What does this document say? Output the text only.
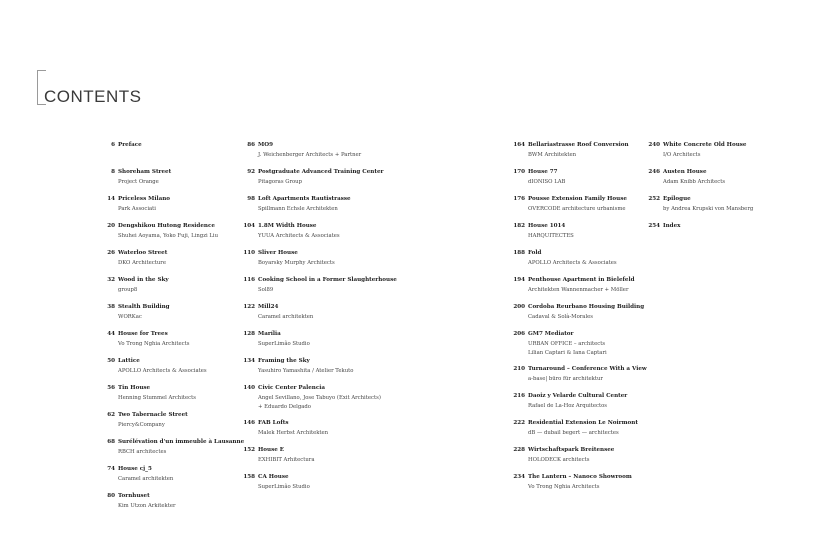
CONTENTS
6 Preface
8 Shoreham Street
Project Orange
14 Priceless Milano
Park Associati
20 Dengshikou Hutong Residence
Shuhei Aoyama, Yoko Fuji, Lingzi Liu
26 Waterloo Street
DKO Architecture
32 Wood in the Sky
group8
38 Stealth Building
WORKac
44 House for Trees
Vo Trong Nghia Architects
50 Lattice
APOLLO Architects & Associates
56 Tin House
Henning Stummel Architects
62 Two Tabernacle Street
Piercy&Company
68 Surélévation d'un immeuble à Lausanne
RBCH architectes
74 House cj_5
Caramel architekten
80 Tornhuset
Kim Utzon Arkitekter
86 MO9
J. Weichenberger Architects + Partner
92 Postgraduate Advanced Training Center
Pitagoras Group
98 Loft Apartments Rautistrasse
Spillmann Echsle Architekten
104 1.8M Width House
YUUA Architects & Associates
110 Sliver House
Boyarsky Murphy Architects
116 Cooking School in a Former Slaughterhouse
Sol89
122 Mill24
Caramel architekten
128 Marília
SuperLimão Studio
134 Framing the Sky
Yasuhiro Yamashita / Atelier Tekuto
140 Civic Center Palencia
Angel Sevillano, Jose Tabuyo (Exit Architects)
+ Eduardo Delgado
146 FAB Lofts
Malek Herbst Architekten
152 House E
EXHIBIT Arhitectura
158 CA House
SuperLimão Studio
164 Bellariastrasse Roof Conversion
BWM Architekten
170 House 77
dIONISO LAB
176 Pousse Extension Family House
OVERCODE architecture urbanisme
182 House 1014
HARQUITECTES
188 Fold
APOLLO Architects & Associates
194 Penthouse Apartment in Bielefeld
Architekten Wannenmacher + Möller
200 Cordoba Reurbano Housing Building
Cadaval & Solà-Morales
206 GM7 Mediator
URBAN OFFICE – architects
Lilian Captari & Iana Captari
210 Turnaround – Conference With a View
a-base| büro für architektur
216 Daoiz y Velarde Cultural Center
Rafael de La-Hoz Arquitectos
222 Residential Extension Le Noirmont
dB — dubail begert — architectes
228 Wirtschaftspark Breitensee
HOLODECK architects
234 The Lantern – Nanoco Showroom
Vo Trong Nghia Architects
240 White Concrete Old House
I/O Architects
246 Austen House
Adam Knibb Architects
252 Epilogue
by Andrea Krupski von Mansberg
254 Index
